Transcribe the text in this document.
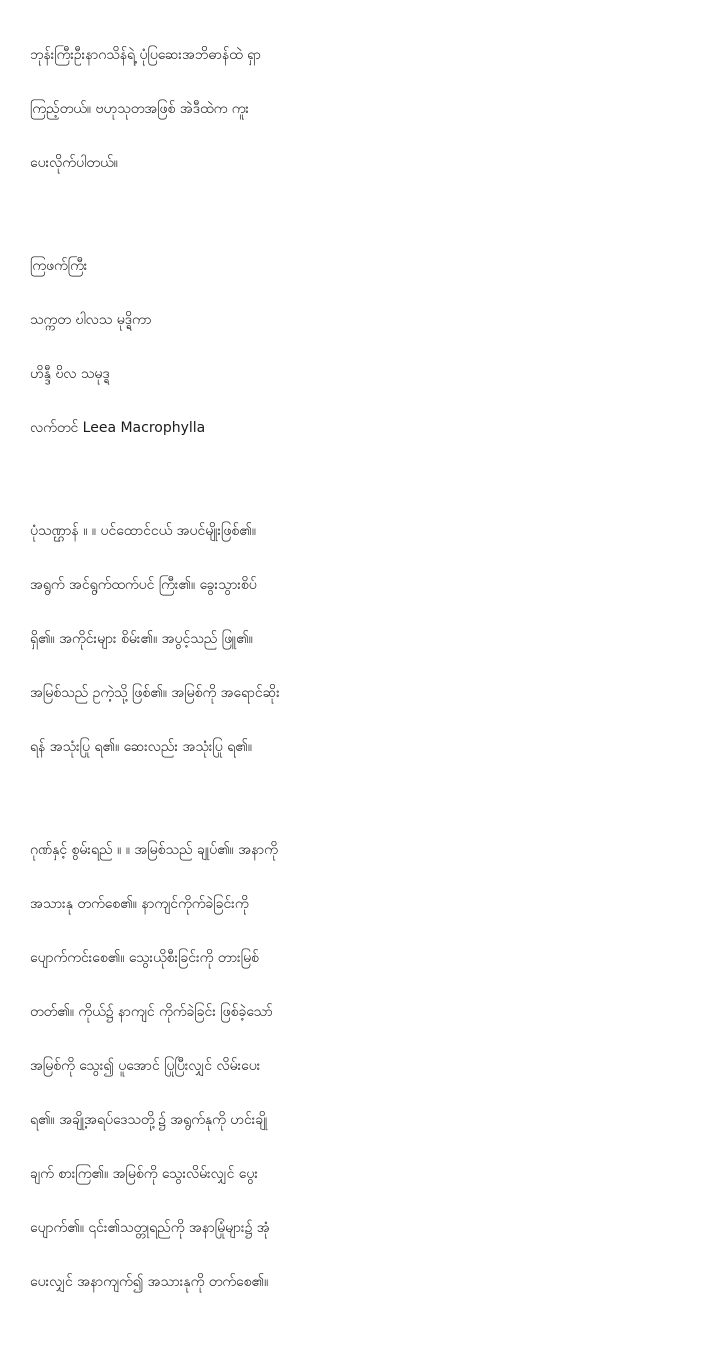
ဘုန်းကြီးဦးနာဂသိန်ရဲ့ ပုံပြဆေးအဘိဓာန်ထဲ ရှာ
ကြည့်တယ်။ ဗဟုသုတအဖြစ် အဲဒီထဲက ကူး
ပေးလိုက်ပါတယ်။
ကြဖက်ကြီး
သက္ကတ ဎါလသ မုဒ္ရိကာ
ဟိန္ဒီ ဎိလ သမုဒ္ရ
လက်တင် Leea Macrophylla
ပုံသဏ္ဌာန် ။ ။ ပင်ထောင်ငယ် အပင်မျိုးဖြစ်၏။
အရွက် အင်ရွက်ထက်ပင် ကြီး၏။ ခွေးသွားစိပ်
ရှိ၏။ အကိုင်းများ စိမ်း၏။ အပွင့်သည် ဖြူ၏။
အမြစ်သည် ဥကဲ့သို့ ဖြစ်၏။ အမြစ်ကို အရောင်ဆိုး
ရန် အသုံးပြု ရ၏။ ဆေးလည်း အသုံးပြု ရ၏။
ဂုဏ်နှင့် စွမ်းရည် ။ ။ အမြစ်သည် ချုပ်၏။ အနာကို
အသားနု တက်စေ၏။ နာကျင်ကိုက်ခဲခြင်းကို
ပျောက်ကင်းစေ၏။ သွေးယိုစီးခြင်းကို တားမြစ်
တတ်၏။ ကိုယ်၌ နာကျင် ကိုက်ခဲခြင်း ဖြစ်ခဲ့သော်
အမြစ်ကို သွေး၍ ပူအောင် ပြုပြီးလျှင် လိမ်းပေး
ရ၏။ အချို့အရပ်ဒေသတို့၌ အရွက်နုကို ဟင်းချို
ချက် စားကြ၏။ အမြစ်ကို သွေးလိမ်းလျှင် ပွေး
ပျောက်၏။ ၎င်း၏သတ္တုရည်ကို အနာမြုံများ၌ အုံ
ပေးလျှင် အနာကျက်၍ အသားနုကို တက်စေ၏။
